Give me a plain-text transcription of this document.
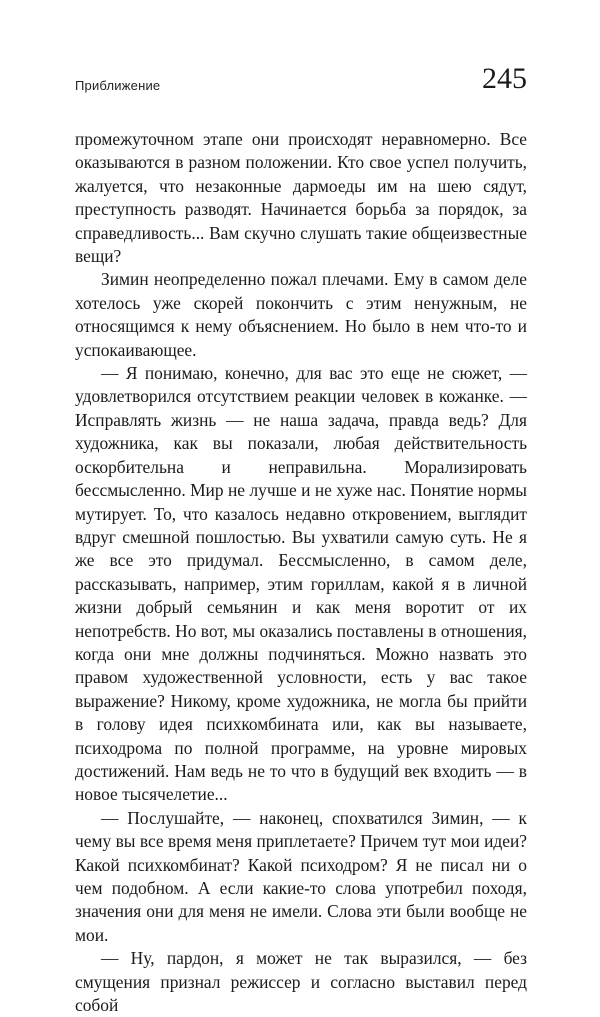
Приближение	245

промежуточном этапе они происходят неравномерно. Все оказываются в разном положении. Кто свое успел получить, жалуется, что незаконные дармоеды им на шею сядут, преступность разводят. Начинается борьба за порядок, за справедливость... Вам скучно слушать такие общеизвестные вещи?

Зимин неопределенно пожал плечами. Ему в самом деле хотелось уже скорей покончить с этим ненужным, не относящимся к нему объяснением. Но было в нем что-то и успокаивающее.

— Я понимаю, конечно, для вас это еще не сюжет, — удовлетворился отсутствием реакции человек в кожанке. — Исправлять жизнь — не наша задача, правда ведь? Для художника, как вы показали, любая действительность оскорбительна и неправильна. Морализировать бессмысленно. Мир не лучше и не хуже нас. Понятие нормы мутирует. То, что казалось недавно откровением, выглядит вдруг смешной пошлостью. Вы ухватили самую суть. Не я же все это придумал. Бессмысленно, в самом деле, рассказывать, например, этим гориллам, какой я в личной жизни добрый семьянин и как меня воротит от их непотребств. Но вот, мы оказались поставлены в отношения, когда они мне должны подчиняться. Можно назвать это правом художественной условности, есть у вас такое выражение? Никому, кроме художника, не могла бы прийти в голову идея психкомбината или, как вы называете, психодрома по полной программе, на уровне мировых достижений. Нам ведь не то что в будущий век входить — в новое тысячелетие...

— Послушайте, — наконец, спохватился Зимин, — к чему вы все время меня приплетаете? Причем тут мои идеи? Какой психкомбинат? Какой психодром? Я не писал ни о чем подобном. А если какие-то слова употребил походя, значения они для меня не имели. Слова эти были вообще не мои.

— Ну, пардон, я может не так выразился, — без смущения признал режиссер и согласно выставил перед собой
